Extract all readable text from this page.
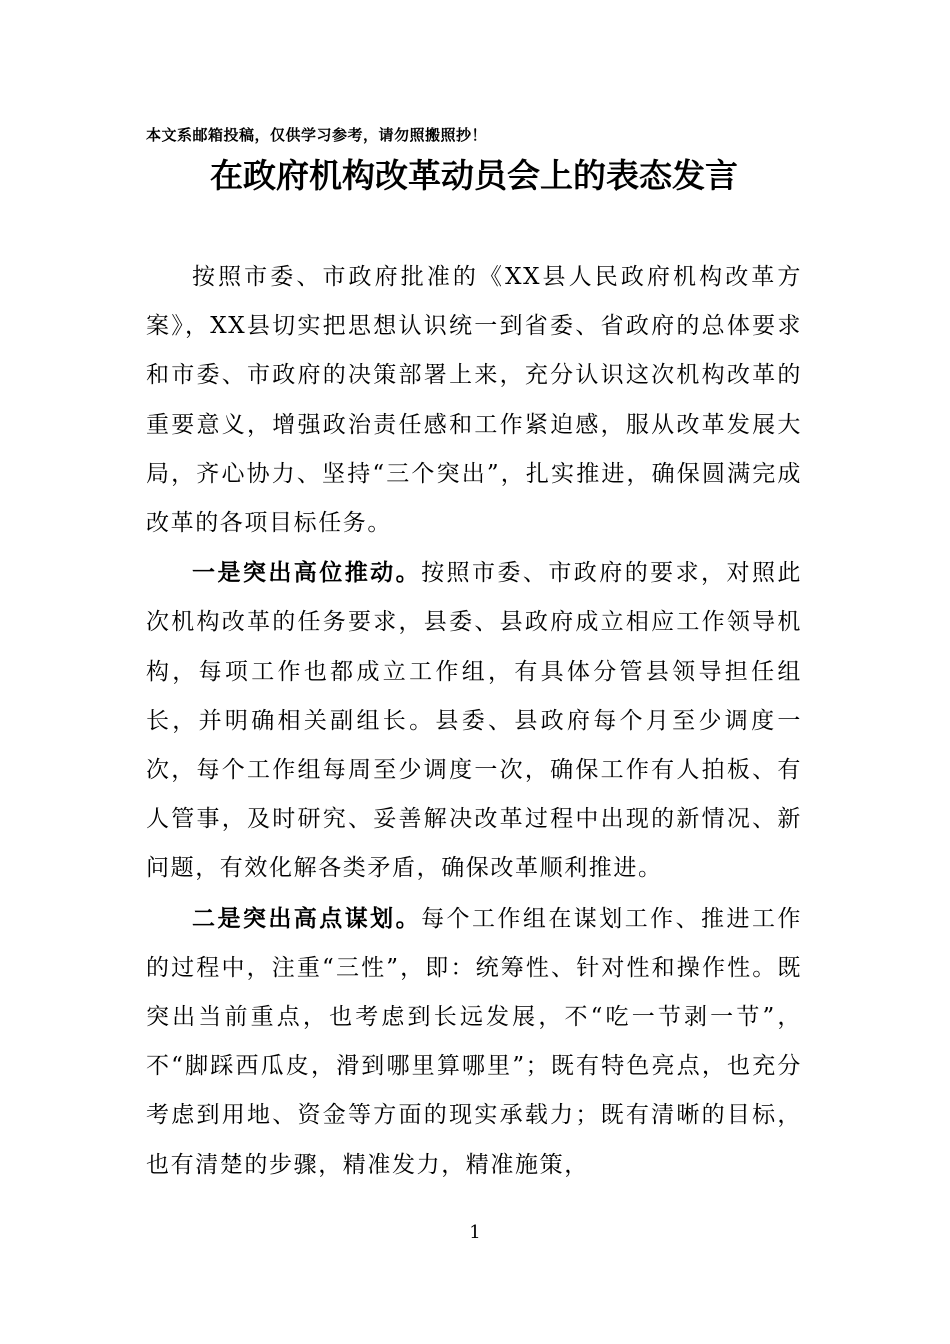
本文系邮箱投稿，仅供学习参考，请勿照搬照抄！
在政府机构改革动员会上的表态发言

按照市委、市政府批准的《XX县人民政府机构改革方案》，XX县切实把思想认识统一到省委、省政府的总体要求和市委、市政府的决策部署上来，充分认识这次机构改革的重要意义，增强政治责任感和工作紧迫感，服从改革发展大局，齐心协力、坚持“三个突出”，扎实推进，确保圆满完成改革的各项目标任务。

一是突出高位推动。按照市委、市政府的要求，对照此次机构改革的任务要求，县委、县政府成立相应工作领导机构，每项工作也都成立工作组，有具体分管县领导担任组长，并明确相关副组长。县委、县政府每个月至少调度一次，每个工作组每周至少调度一次，确保工作有人拍板、有人管事，及时研究、妥善解决改革过程中出现的新情况、新问题，有效化解各类矛盾，确保改革顺利推进。

二是突出高点谋划。每个工作组在谋划工作、推进工作的过程中，注重“三性”，即：统筹性、针对性和操作性。既突出当前重点，也考虑到长远发展，不“吃一节剥一节”，不“脚踩西瓜皮，滑到哪里算哪里”；既有特色亮点，也充分考虑到用地、资金等方面的现实承载力；既有清晰的目标，也有清楚的步骤，精准发力，精准施策，

1
